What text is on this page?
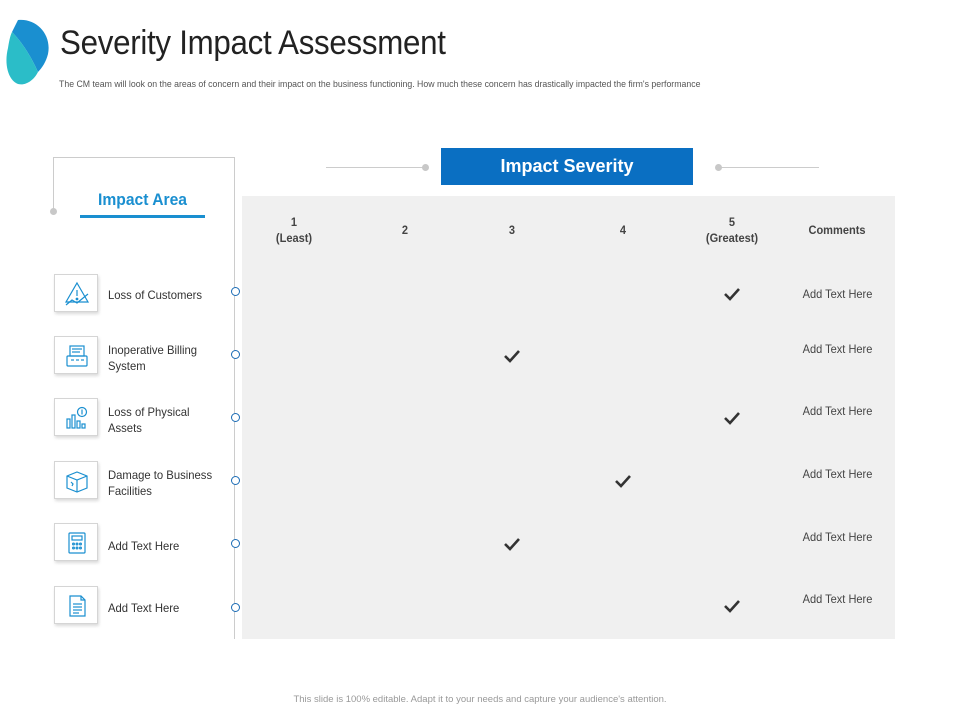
Severity Impact Assessment

The CM team will look on the areas of concern and their impact on the business functioning. How much these concern has drastically impacted the firm's performance

Impact Area
Impact Severity
1
(Least)
2	3	4
5
(Greatest)
Comments
Loss of Customers
Inoperative Billing System
Loss of Physical Assets
Damage to Business Facilities
Add Text Here
Add Text Here
Add Text Here
Add Text Here
Add Text Here
Add Text Here
Add Text Here
Add Text Here
This slide is 100% editable. Adapt it to your needs and capture your audience's attention.
